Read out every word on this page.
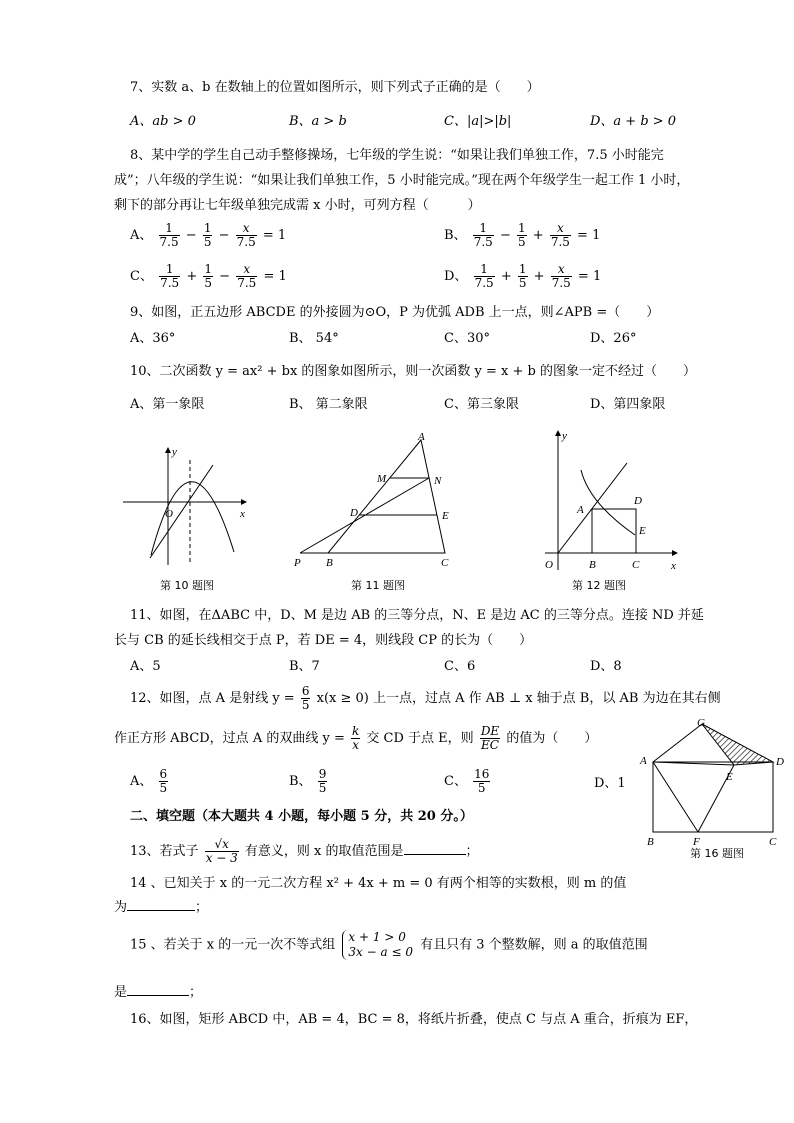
7、实数 a、b 在数轴上的位置如图所示，则下列式子正确的是（　　）
A、ab > 0	B、a > b	C、|a|>|b|	D、a + b > 0
8、某中学的学生自己动手整修操场，七年级的学生说：“如果让我们单独工作，7.5 小时能完
成”；八年级的学生说：“如果让我们单独工作，5 小时能完成。”现在两个年级学生一起工作 1 小时，
剩下的部分再让七年级单独完成需 x 小时，可列方程（　　　）
A、 $\frac{1}{7.5} - \frac{1}{5} - \frac{x}{7.5} = 1$	B、 $\frac{1}{7.5} - \frac{1}{5} + \frac{x}{7.5} = 1$
C、 $\frac{1}{7.5} + \frac{1}{5} - \frac{x}{7.5} = 1$	D、 $\frac{1}{7.5} + \frac{1}{5} + \frac{x}{7.5} = 1$
9、如图，正五边形 ABCDE 的外接圆为⊙O，P 为优弧 ADB 上一点，则∠APB =（　　）
A、36°	B、 54°	C、30°	D、26°
10、二次函数 y = ax² + bx 的图象如图所示，则一次函数 y = x + b 的图象一定不经过（　　）
A、第一象限	B、 第二象限	C、第三象限	D、第四象限
y
x
O
第 10 题图
A
M	N
D	E
P B	C
第 11 题图
y
x
O
A
B	C
D
E
第 12 题图
11、如图，在ΔABC 中，D、M 是边 AB 的三等分点，N、E 是边 AC 的三等分点。连接 ND 并延
长与 CB 的延长线相交于点 P，若 DE = 4，则线段 CP 的长为（　　）
A、5	B、7	C、6	D、8
12、如图，点 A 是射线 $y = \frac{6}{5} x(x \ge 0)$ 上一点，过点 A 作 AB ⊥ x 轴于点 B，以 AB 为边在其右侧
作正方形 ABCD，过点 A 的双曲线 $y = \frac{k}{x}$ 交 CD 于点 E，则 $\frac{DE}{EC}$ 的值为（　　）
A、 $\frac{6}{5}$	B、 $\frac{9}{5}$	C、 $\frac{16}{5}$	D、1
G
A
E
D
B	F	C
第 16 题图
二、填空题（本大题共 4 小题，每小题 5 分，共 20 分。）
13、若式子 $\frac{√x}{x - 3}$ 有意义，则 x 的取值范围是	；
14 、已知关于 x 的一元二次方程 x² + 4x + m = 0 有两个相等的实数根，则 m 的值
为	；
15 、若关于 x 的一元一次不等式组
x + 1 > 0
3x − a ≤ 0 有且只有 3 个整数解，则 a 的取值范围
是	；
16、如图，矩形 ABCD 中，AB = 4，BC = 8，将纸片折叠，使点 C 与点 A 重合，折痕为 EF，
